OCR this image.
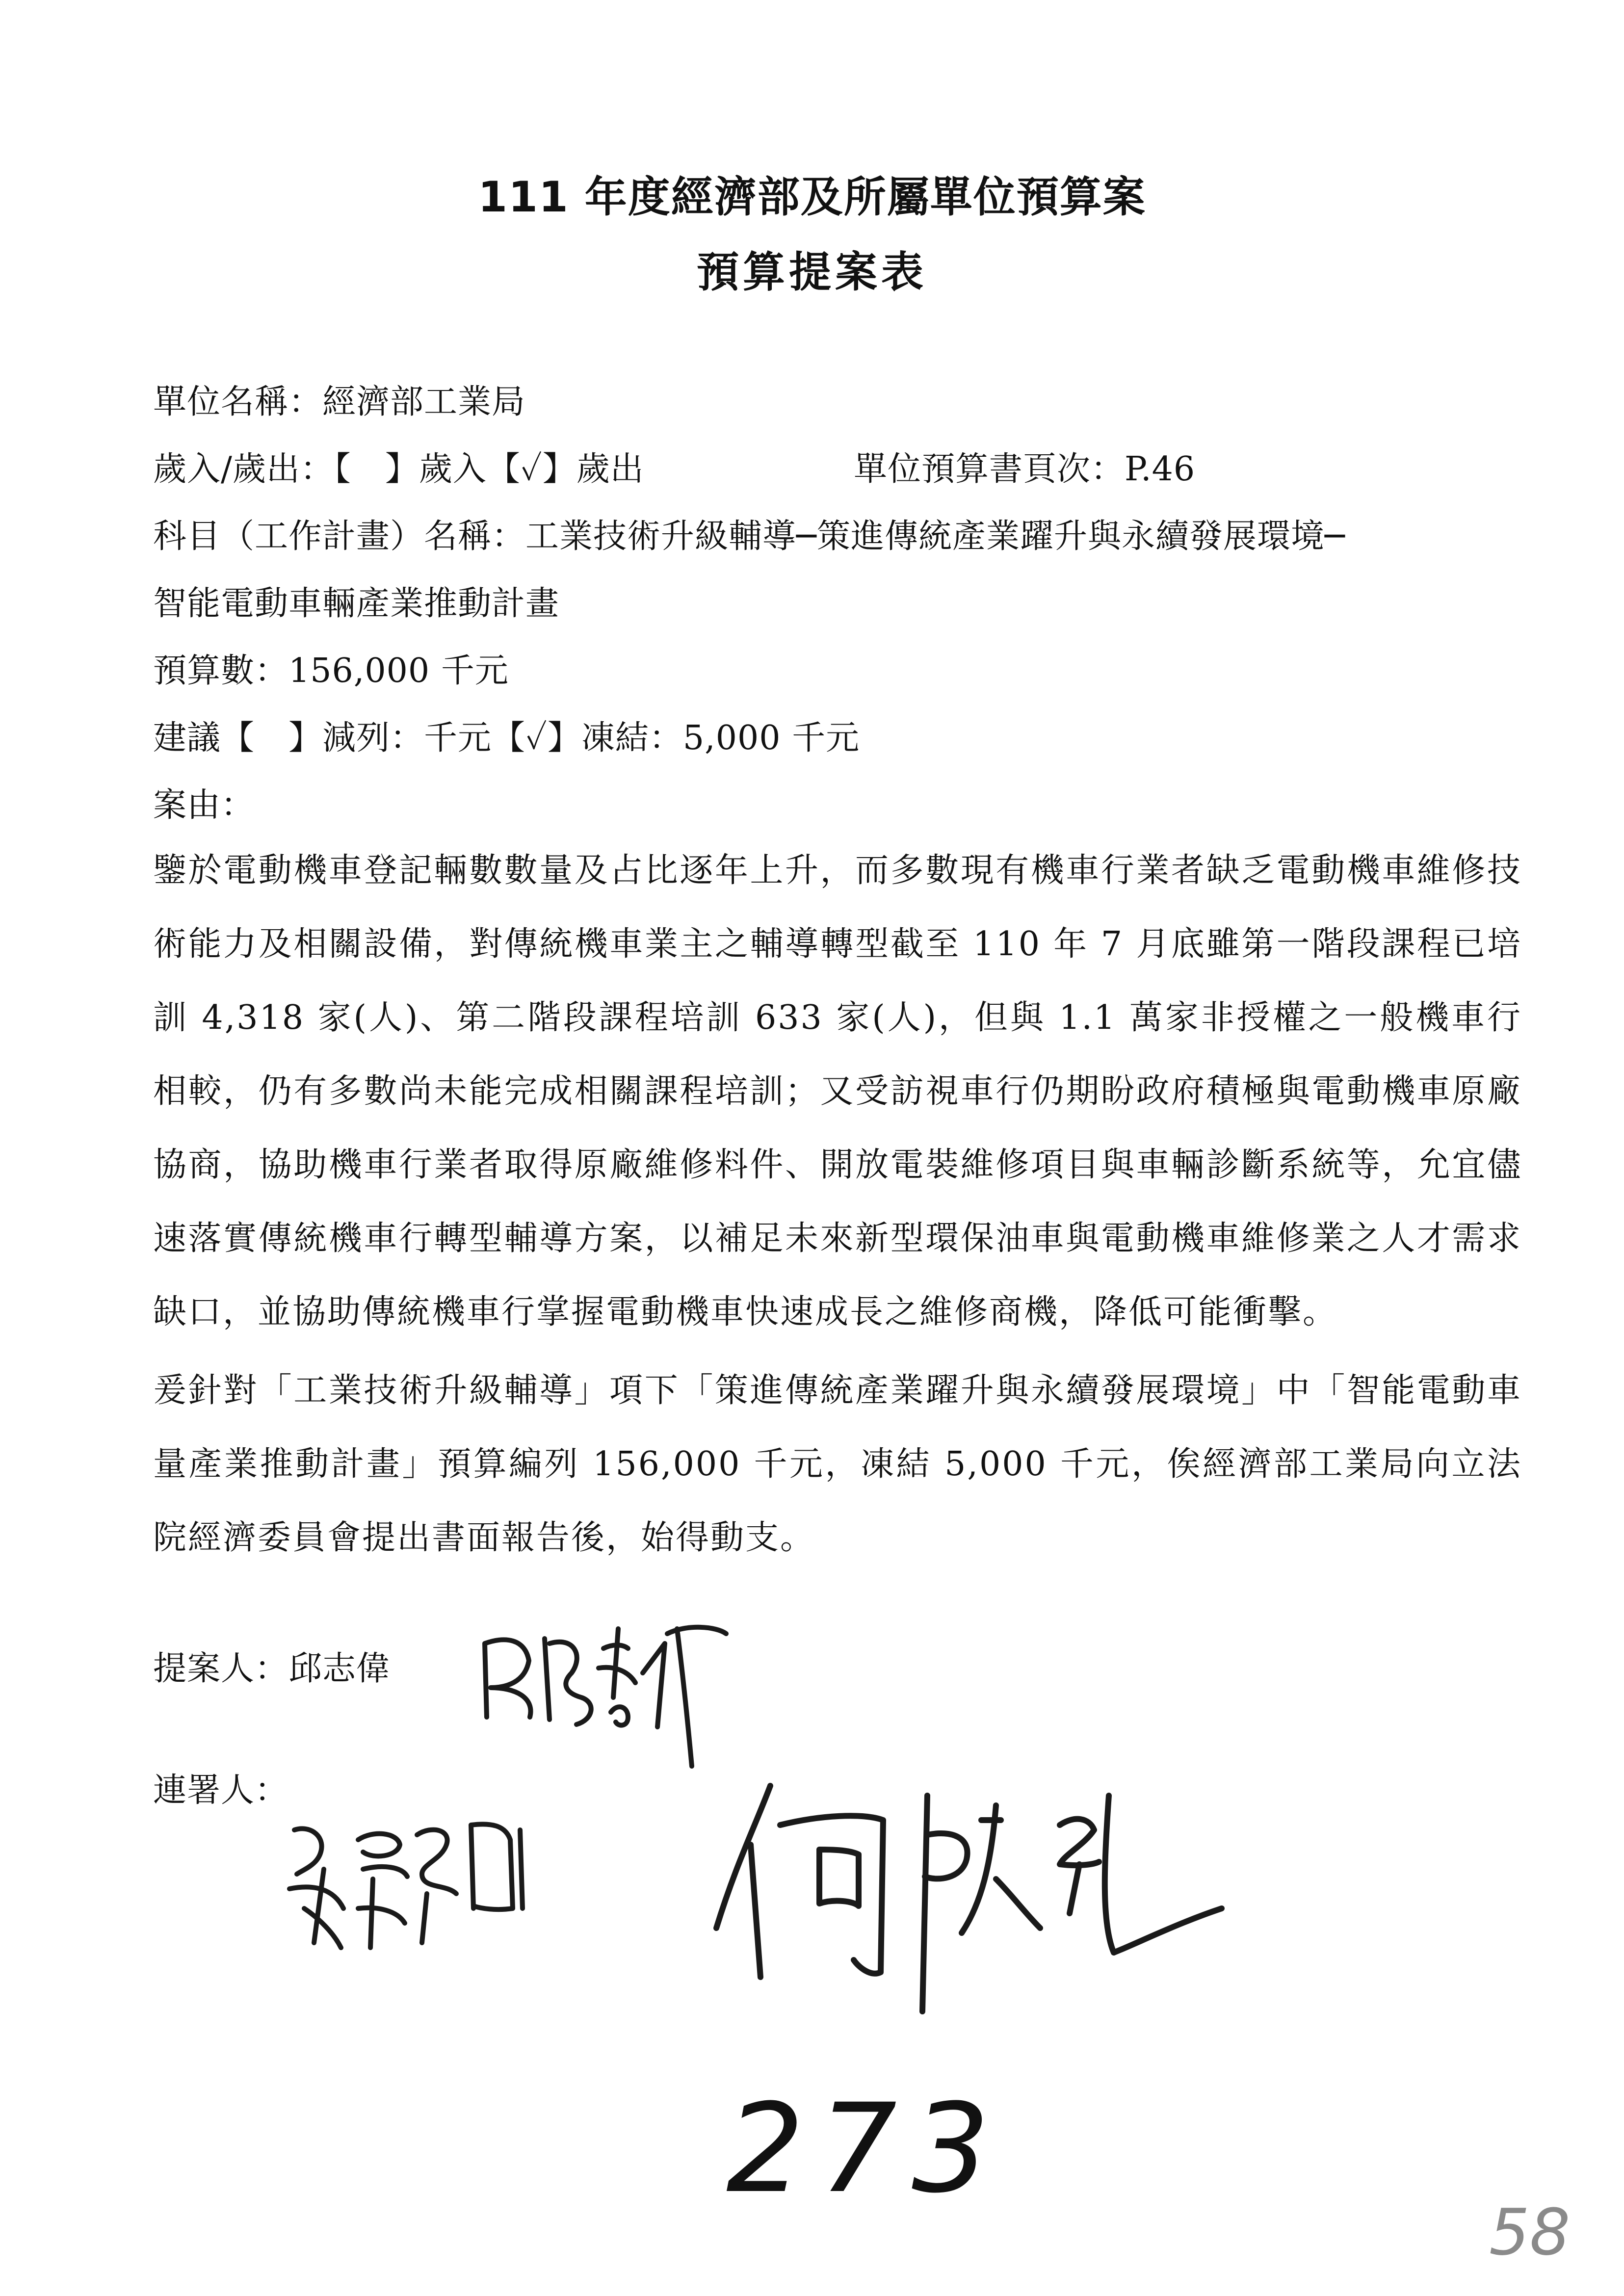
111 年度經濟部及所屬單位預算案
預算提案表
單位名稱：經濟部工業局
歲入/歲出：【　】歲入【✓】歲出	單位預算書頁次：P.46
科目（工作計畫）名稱：工業技術升級輔導─策進傳統產業躍升與永續發展環境─
智能電動車輛產業推動計畫
預算數：156,000 千元
建議【　】減列：千元【✓】凍結：5,000 千元
案由：
鑒於電動機車登記輛數數量及占比逐年上升，而多數現有機車行業者缺乏電動機車維修技術能力及相關設備，對傳統機車業主之輔導轉型截至 110 年 7 月底雖第一階段課程已培訓 4,318 家(人)、第二階段課程培訓 633 家(人)，但與 1.1 萬家非授權之一般機車行相較，仍有多數尚未能完成相關課程培訓；又受訪視車行仍期盼政府積極與電動機車原廠協商，協助機車行業者取得原廠維修料件、開放電裝維修項目與車輛診斷系統等，允宜儘速落實傳統機車行轉型輔導方案，以補足未來新型環保油車與電動機車維修業之人才需求缺口，並協助傳統機車行掌握電動機車快速成長之維修商機，降低可能衝擊。
爰針對「工業技術升級輔導」項下「策進傳統產業躍升與永續發展環境」中「智能電動車量產業推動計畫」預算編列 156,000 千元，凍結 5,000 千元，俟經濟部工業局向立法院經濟委員會提出書面報告後，始得動支。
提案人：邱志偉
連署人：
273
58
